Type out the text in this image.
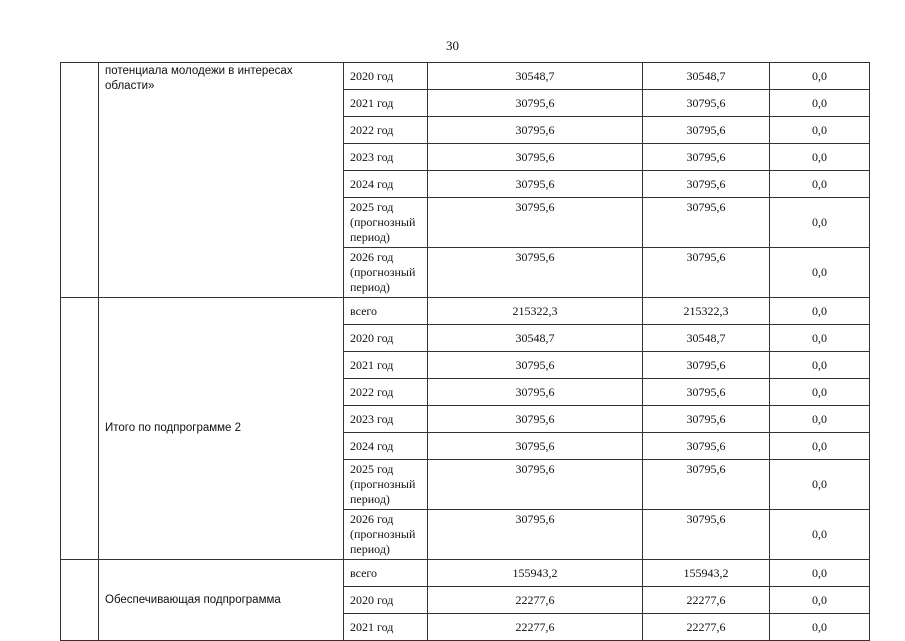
30
	потенциала молодежи в интересах области»	2020 год	30548,7	30548,7	0,0
		2021 год	30795,6	30795,6	0,0
		2022 год	30795,6	30795,6	0,0
		2023 год	30795,6	30795,6	0,0
		2024 год	30795,6	30795,6	0,0
		2025 год (прогнозный период)	30795,6	30795,6	0,0
		2026 год (прогнозный период)	30795,6	30795,6	0,0
	Итого по подпрограмме 2	всего	215322,3	215322,3	0,0
		2020 год	30548,7	30548,7	0,0
		2021 год	30795,6	30795,6	0,0
		2022 год	30795,6	30795,6	0,0
		2023 год	30795,6	30795,6	0,0
		2024 год	30795,6	30795,6	0,0
		2025 год (прогнозный период)	30795,6	30795,6	0,0
		2026 год (прогнозный период)	30795,6	30795,6	0,0
	Обеспечивающая подпрограмма	всего	155943,2	155943,2	0,0
		2020 год	22277,6	22277,6	0,0
		2021 год	22277,6	22277,6	0,0
